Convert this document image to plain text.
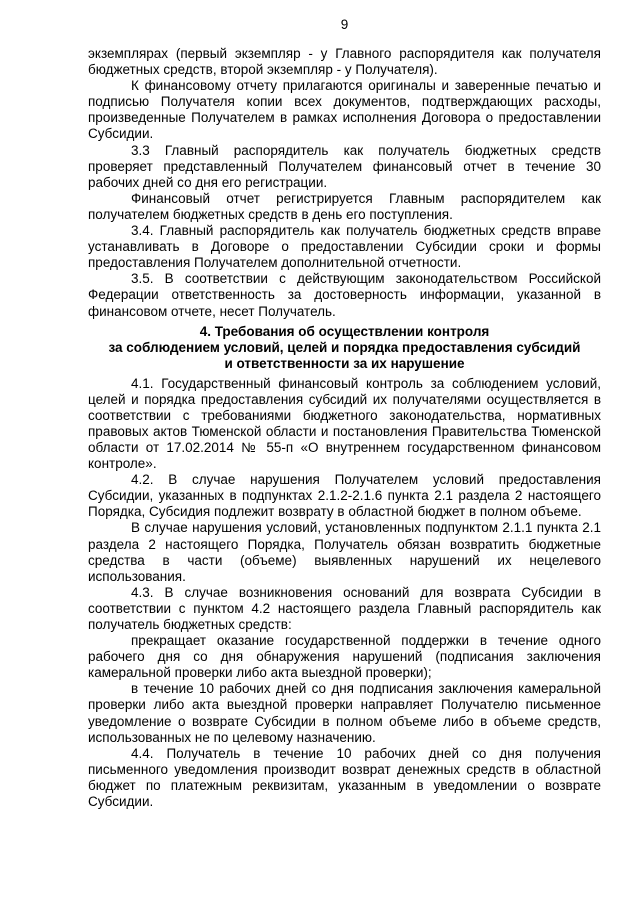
9

экземплярах (первый экземпляр - у Главного распорядителя как получателя бюджетных средств, второй экземпляр - у Получателя).

К финансовому отчету прилагаются оригиналы и заверенные печатью и подписью Получателя копии всех документов, подтверждающих расходы, произведенные Получателем в рамках исполнения Договора о предоставлении Субсидии.

3.3 Главный распорядитель как получатель бюджетных средств проверяет представленный Получателем финансовый отчет в течение 30 рабочих дней со дня его регистрации.

Финансовый отчет регистрируется Главным распорядителем как получателем бюджетных средств в день его поступления.

3.4. Главный распорядитель как получатель бюджетных средств вправе устанавливать в Договоре о предоставлении Субсидии сроки и формы предоставления Получателем дополнительной отчетности.

3.5. В соответствии с действующим законодательством Российской Федерации ответственность за достоверность информации, указанной в финансовом отчете, несет Получатель.

4. Требования об осуществлении контроля
за соблюдением условий, целей и порядка предоставления субсидий
и ответственности за их нарушение

4.1. Государственный финансовый контроль за соблюдением условий, целей и порядка предоставления субсидий их получателями осуществляется в соответствии с требованиями бюджетного законодательства, нормативных правовых актов Тюменской области и постановления Правительства Тюменской области от 17.02.2014 № 55-п «О внутреннем государственном финансовом контроле».

4.2. В случае нарушения Получателем условий предоставления Субсидии, указанных в подпунктах 2.1.2-2.1.6 пункта 2.1 раздела 2 настоящего Порядка, Субсидия подлежит возврату в областной бюджет в полном объеме.

В случае нарушения условий, установленных подпунктом 2.1.1 пункта 2.1 раздела 2 настоящего Порядка, Получатель обязан возвратить бюджетные средства в части (объеме) выявленных нарушений их нецелевого использования.

4.3. В случае возникновения оснований для возврата Субсидии в соответствии с пунктом 4.2 настоящего раздела Главный распорядитель как получатель бюджетных средств:

прекращает оказание государственной поддержки в течение одного рабочего дня со дня обнаружения нарушений (подписания заключения камеральной проверки либо акта выездной проверки);

в течение 10 рабочих дней со дня подписания заключения камеральной проверки либо акта выездной проверки направляет Получателю письменное уведомление о возврате Субсидии в полном объеме либо в объеме средств, использованных не по целевому назначению.

4.4. Получатель в течение 10 рабочих дней со дня получения письменного уведомления производит возврат денежных средств в областной бюджет по платежным реквизитам, указанным в уведомлении о возврате Субсидии.
